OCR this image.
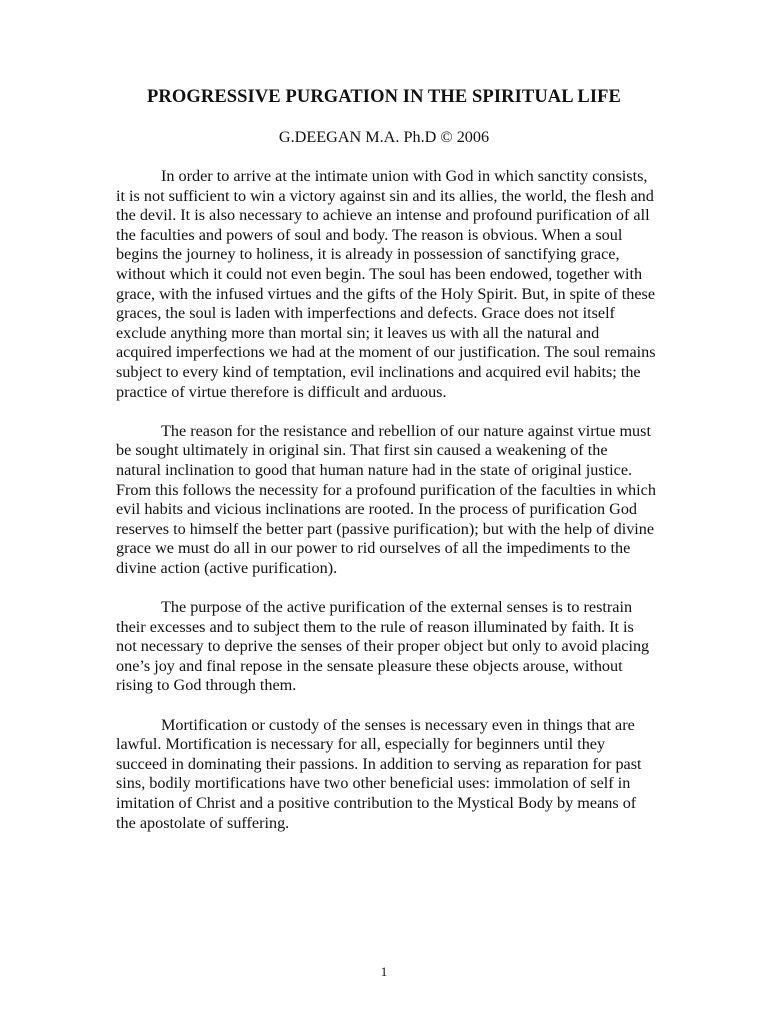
PROGRESSIVE PURGATION IN THE SPIRITUAL LIFE

G.DEEGAN M.A. Ph.D © 2006

In order to arrive at the intimate union with God in which sanctity consists, it is not sufficient to win a victory against sin and its allies, the world, the flesh and the devil. It is also necessary to achieve an intense and profound purification of all the faculties and powers of soul and body. The reason is obvious. When a soul begins the journey to holiness, it is already in possession of sanctifying grace, without which it could not even begin. The soul has been endowed, together with grace, with the infused virtues and the gifts of the Holy Spirit. But, in spite of these graces, the soul is laden with imperfections and defects. Grace does not itself exclude anything more than mortal sin; it leaves us with all the natural and acquired imperfections we had at the moment of our justification. The soul remains subject to every kind of temptation, evil inclinations and acquired evil habits; the practice of virtue therefore is difficult and arduous.

The reason for the resistance and rebellion of our nature against virtue must be sought ultimately in original sin. That first sin caused a weakening of the natural inclination to good that human nature had in the state of original justice. From this follows the necessity for a profound purification of the faculties in which evil habits and vicious inclinations are rooted. In the process of purification God reserves to himself the better part (passive purification); but with the help of divine grace we must do all in our power to rid ourselves of all the impediments to the divine action (active purification).

The purpose of the active purification of the external senses is to restrain their excesses and to subject them to the rule of reason illuminated by faith. It is not necessary to deprive the senses of their proper object but only to avoid placing one’s joy and final repose in the sensate pleasure these objects arouse, without rising to God through them.

Mortification or custody of the senses is necessary even in things that are lawful. Mortification is necessary for all, especially for beginners until they succeed in dominating their passions. In addition to serving as reparation for past sins, bodily mortifications have two other beneficial uses: immolation of self in imitation of Christ and a positive contribution to the Mystical Body by means of the apostolate of suffering.

1
